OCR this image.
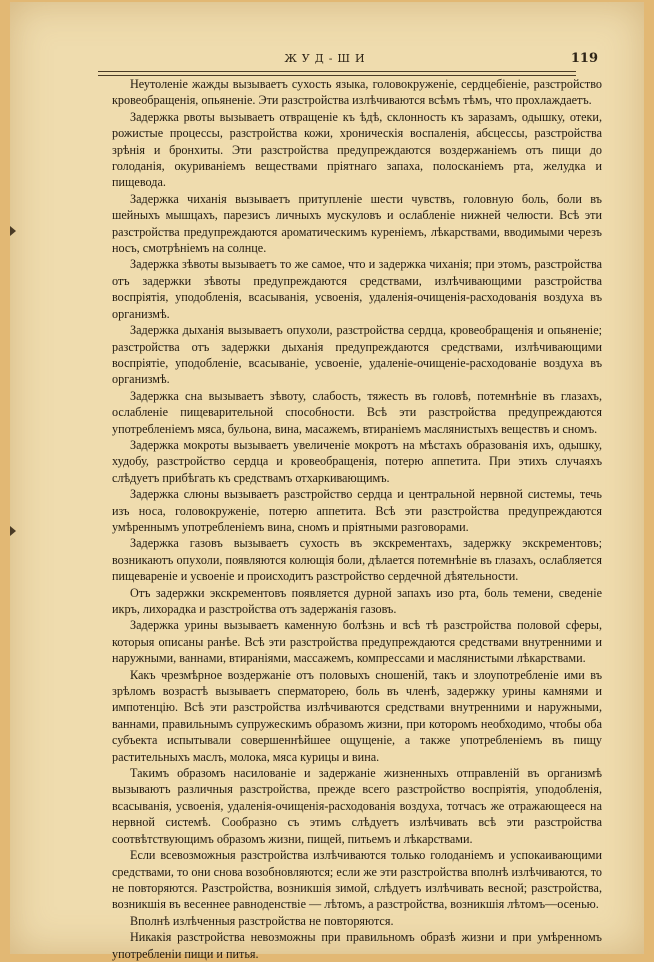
ЖУД-ШИ	119

Неутоленіе жажды вызываетъ сухость языка, головокруженіе, сердцебіеніе, разстройство кровеобращенія, опьяненіе. Эти разстройства излѣчиваются всѣмъ тѣмъ, что прохлаждаетъ.

Задержка рвоты вызываетъ отвращеніе къ ѣдѣ, склонность къ заразамъ, одышку, отеки, рожистые процессы, разстройства кожи, хроническія воспаленія, абсцессы, разстройства зрѣнія и бронхиты. Эти разстройства предупреждаются воздержаніемъ отъ пищи до голоданія, окуриваніемъ веществами пріятнаго запаха, полосканіемъ рта, желудка и пищевода.

Задержка чиханія вызываетъ притупленіе шести чувствъ, головную боль, боли въ шейныхъ мышцахъ, парезисъ личныхъ мускуловъ и ослабленіе нижней челюсти. Всѣ эти разстройства предупреждаются ароматическимъ куреніемъ, лѣкарствами, вводимыми черезъ носъ, смотрѣніемъ на солнце.

Задержка зѣвоты вызываетъ то же самое, что и задержка чиханія; при этомъ, разстройства отъ задержки зѣвоты предупреждаются средствами, излѣчивающими разстройства воспріятія, уподобленія, всасыванія, усвоенія, удаленія-очищенія-расходованія воздуха въ организмѣ.

Задержка дыханія вызываетъ опухоли, разстройства сердца, кровеобращенія и опьяненіе; разстройства отъ задержки дыханія предупреждаются средствами, излѣчивающими воспріятіе, уподобленіе, всасываніе, усвоеніе, удаленіе-очищеніе-расходованіе воздуха въ организмѣ.

Задержка сна вызываетъ зѣвоту, слабость, тяжесть въ головѣ, потемнѣніе въ глазахъ, ослабленіе пищеварительной способности. Всѣ эти разстройства предупреждаются употребленіемъ мяса, бульона, вина, масажемъ, втираніемъ маслянистыхъ веществъ и сномъ.

Задержка мокроты вызываетъ увеличеніе мокротъ на мѣстахъ образованія ихъ, одышку, худобу, разстройство сердца и кровеобращенія, потерю аппетита. При этихъ случаяхъ слѣдуетъ прибѣгать къ средствамъ отхаркивающимъ.

Задержка слюны вызываетъ разстройство сердца и центральной нервной системы, течь изъ носа, головокруженіе, потерю аппетита. Всѣ эти разстройства предупреждаются умѣреннымъ употребленіемъ вина, сномъ и пріятными разговорами.

Задержка газовъ вызываетъ сухость въ экскрементахъ, задержку экскрементовъ; возникаютъ опухоли, появляются колющія боли, дѣлается потемнѣніе въ глазахъ, ослабляется пищевареніе и усвоеніе и происходитъ разстройство сердечной дѣятельности.

Отъ задержки экскрементовъ появляется дурной запахъ изо рта, боль темени, сведеніе икръ, лихорадка и разстройства отъ задержанія газовъ.

Задержка урины вызываетъ каменную болѣзнь и всѣ тѣ разстройства половой сферы, которыя описаны ранѣе. Всѣ эти разстройства предупреждаются средствами внутренними и наружными, ваннами, втираніями, массажемъ, компрессами и маслянистыми лѣкарствами.

Какъ чрезмѣрное воздержаніе отъ половыхъ сношеній, такъ и злоупотребленіе ими въ зрѣломъ возрастѣ вызываетъ сперматорею, боль въ членѣ, задержку урины камнями и импотенцію. Всѣ эти разстройства излѣчиваются средствами внутренними и наружными, ваннами, правильнымъ супружескимъ образомъ жизни, при которомъ необходимо, чтобы оба субъекта испытывали совершеннѣйшее ощущеніе, а также употребленіемъ въ пищу растительныхъ маслъ, молока, мяса курицы и вина.

Такимъ образомъ насилованіе и задержаніе жизненныхъ отправленій въ организмѣ вызываютъ различныя разстройства, прежде всего разстройство воспріятія, уподобленія, всасыванія, усвоенія, удаленія-очищенія-расходованія воздуха, тотчасъ же отражающееся на нервной системѣ. Сообразно съ этимъ слѣдуетъ излѣчивать всѣ эти разстройства соотвѣтствующимъ образомъ жизни, пищей, питьемъ и лѣкарствами.

Если всевозможныя разстройства излѣчиваются только голоданіемъ и успокаивающими средствами, то они снова возобновляются; если же эти разстройства вполнѣ излѣчиваются, то не повторяются. Разстройства, возникшія зимой, слѣдуетъ излѣчивать весной; разстройства, возникшія въ весеннее равноденствіе — лѣтомъ, а разстройства, возникшія лѣтомъ—осенью.

Вполнѣ излѣченныя разстройства не повторяются.

Никакія разстройства невозможны при правильномъ образѣ жизни и при умѣренномъ употребленіи пищи и питья.
